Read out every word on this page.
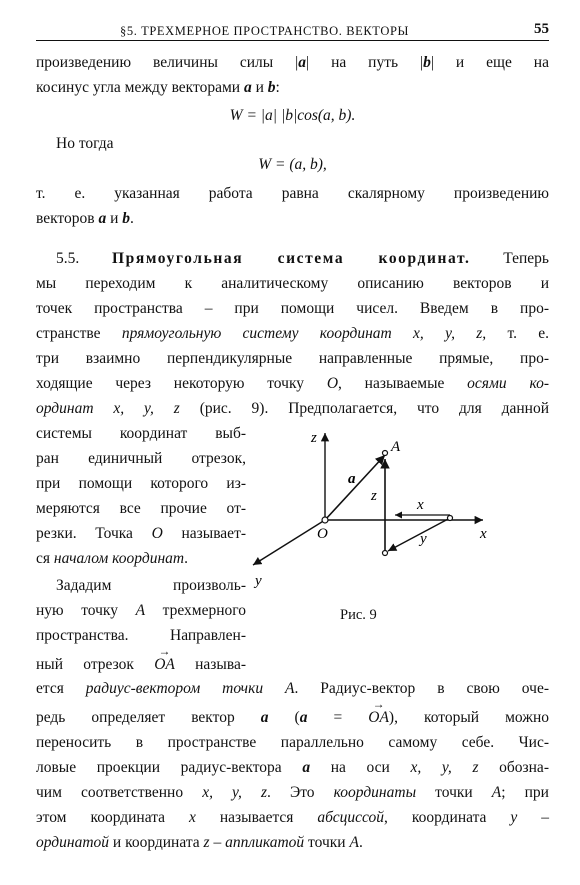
§5. ТРЕХМЕРНОЕ ПРОСТРАНСТВО. ВЕКТОРЫ	55
произведению величины силы |a| на путь |b| и еще на
косинус угла между векторами a и b:
W = |a| |b|cos(a, b).
Но тогда
W = (a, b),
т. е. указанная работа равна скалярному произведению
векторов a и b.
5.5. Прямоугольная система координат. Теперь
мы переходим к аналитическому описанию векторов и
точек пространства – при помощи чисел. Введем в про-
странстве прямоугольную систему координат x, y, z, т. е.
три взаимно перпендикулярные направленные прямые, про-
ходящие через некоторую точку O, называемые осями ко-
ординат x, y, z (рис. 9). Предполагается, что для данной
системы координат выб-
ран единичный отрезок,
при помощи которого из-
меряются все прочие от-
резки. Точка O называет-
ся началом координат.
Зададим произволь-
ную точку A трехмерного
пространства. Направлен-
ный отрезок → OA называ-
z
x
y
O
A
a
z
x
y
Рис. 9
ется радиус-вектором точки A. Радиус-вектор в свою оче-
редь определяет вектор a (a = → OA), который можно
переносить в пространстве параллельно самому себе. Чис-
ловые проекции радиус-вектора a на оси x, y, z обозна-
чим соответственно x, y, z. Это координаты точки A; при
этом координата x называется абсциссой, координата y –
ординатой и координата z – аппликатой точки A.
